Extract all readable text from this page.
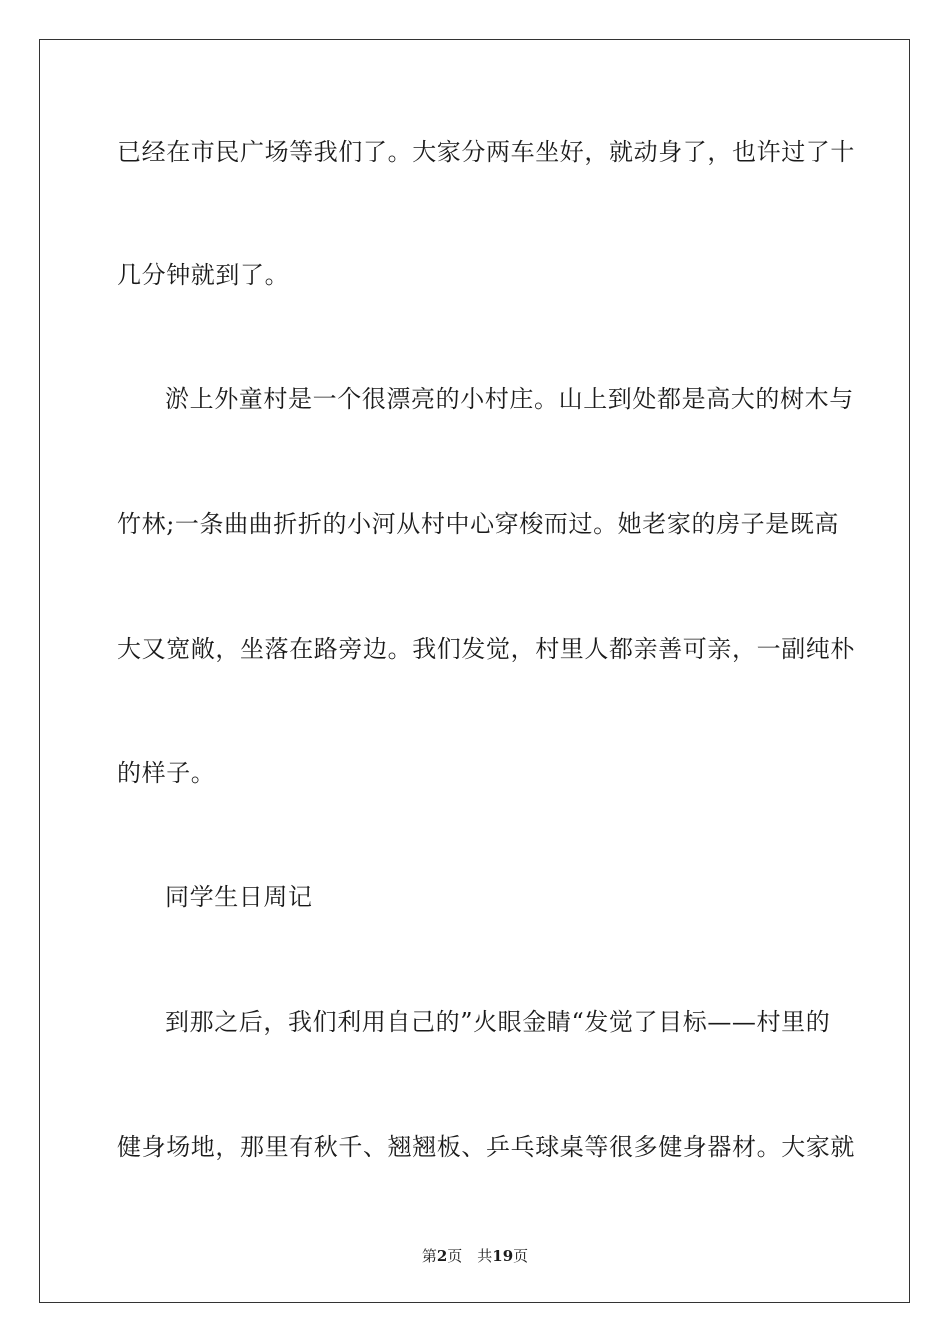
已经在市民广场等我们了。大家分两车坐好，就动身了，也许过了十
几分钟就到了。
淤上外童村是一个很漂亮的小村庄。山上到处都是高大的树木与
竹林;一条曲曲折折的小河从村中心穿梭而过。她老家的房子是既高
大又宽敞，坐落在路旁边。我们发觉，村里人都亲善可亲，一副纯朴
的样子。
同学生日周记
到那之后，我们利用自己的”火眼金睛“发觉了目标——村里的
健身场地，那里有秋千、翘翘板、乒乓球桌等很多健身器材。大家就
第2页　共19页
